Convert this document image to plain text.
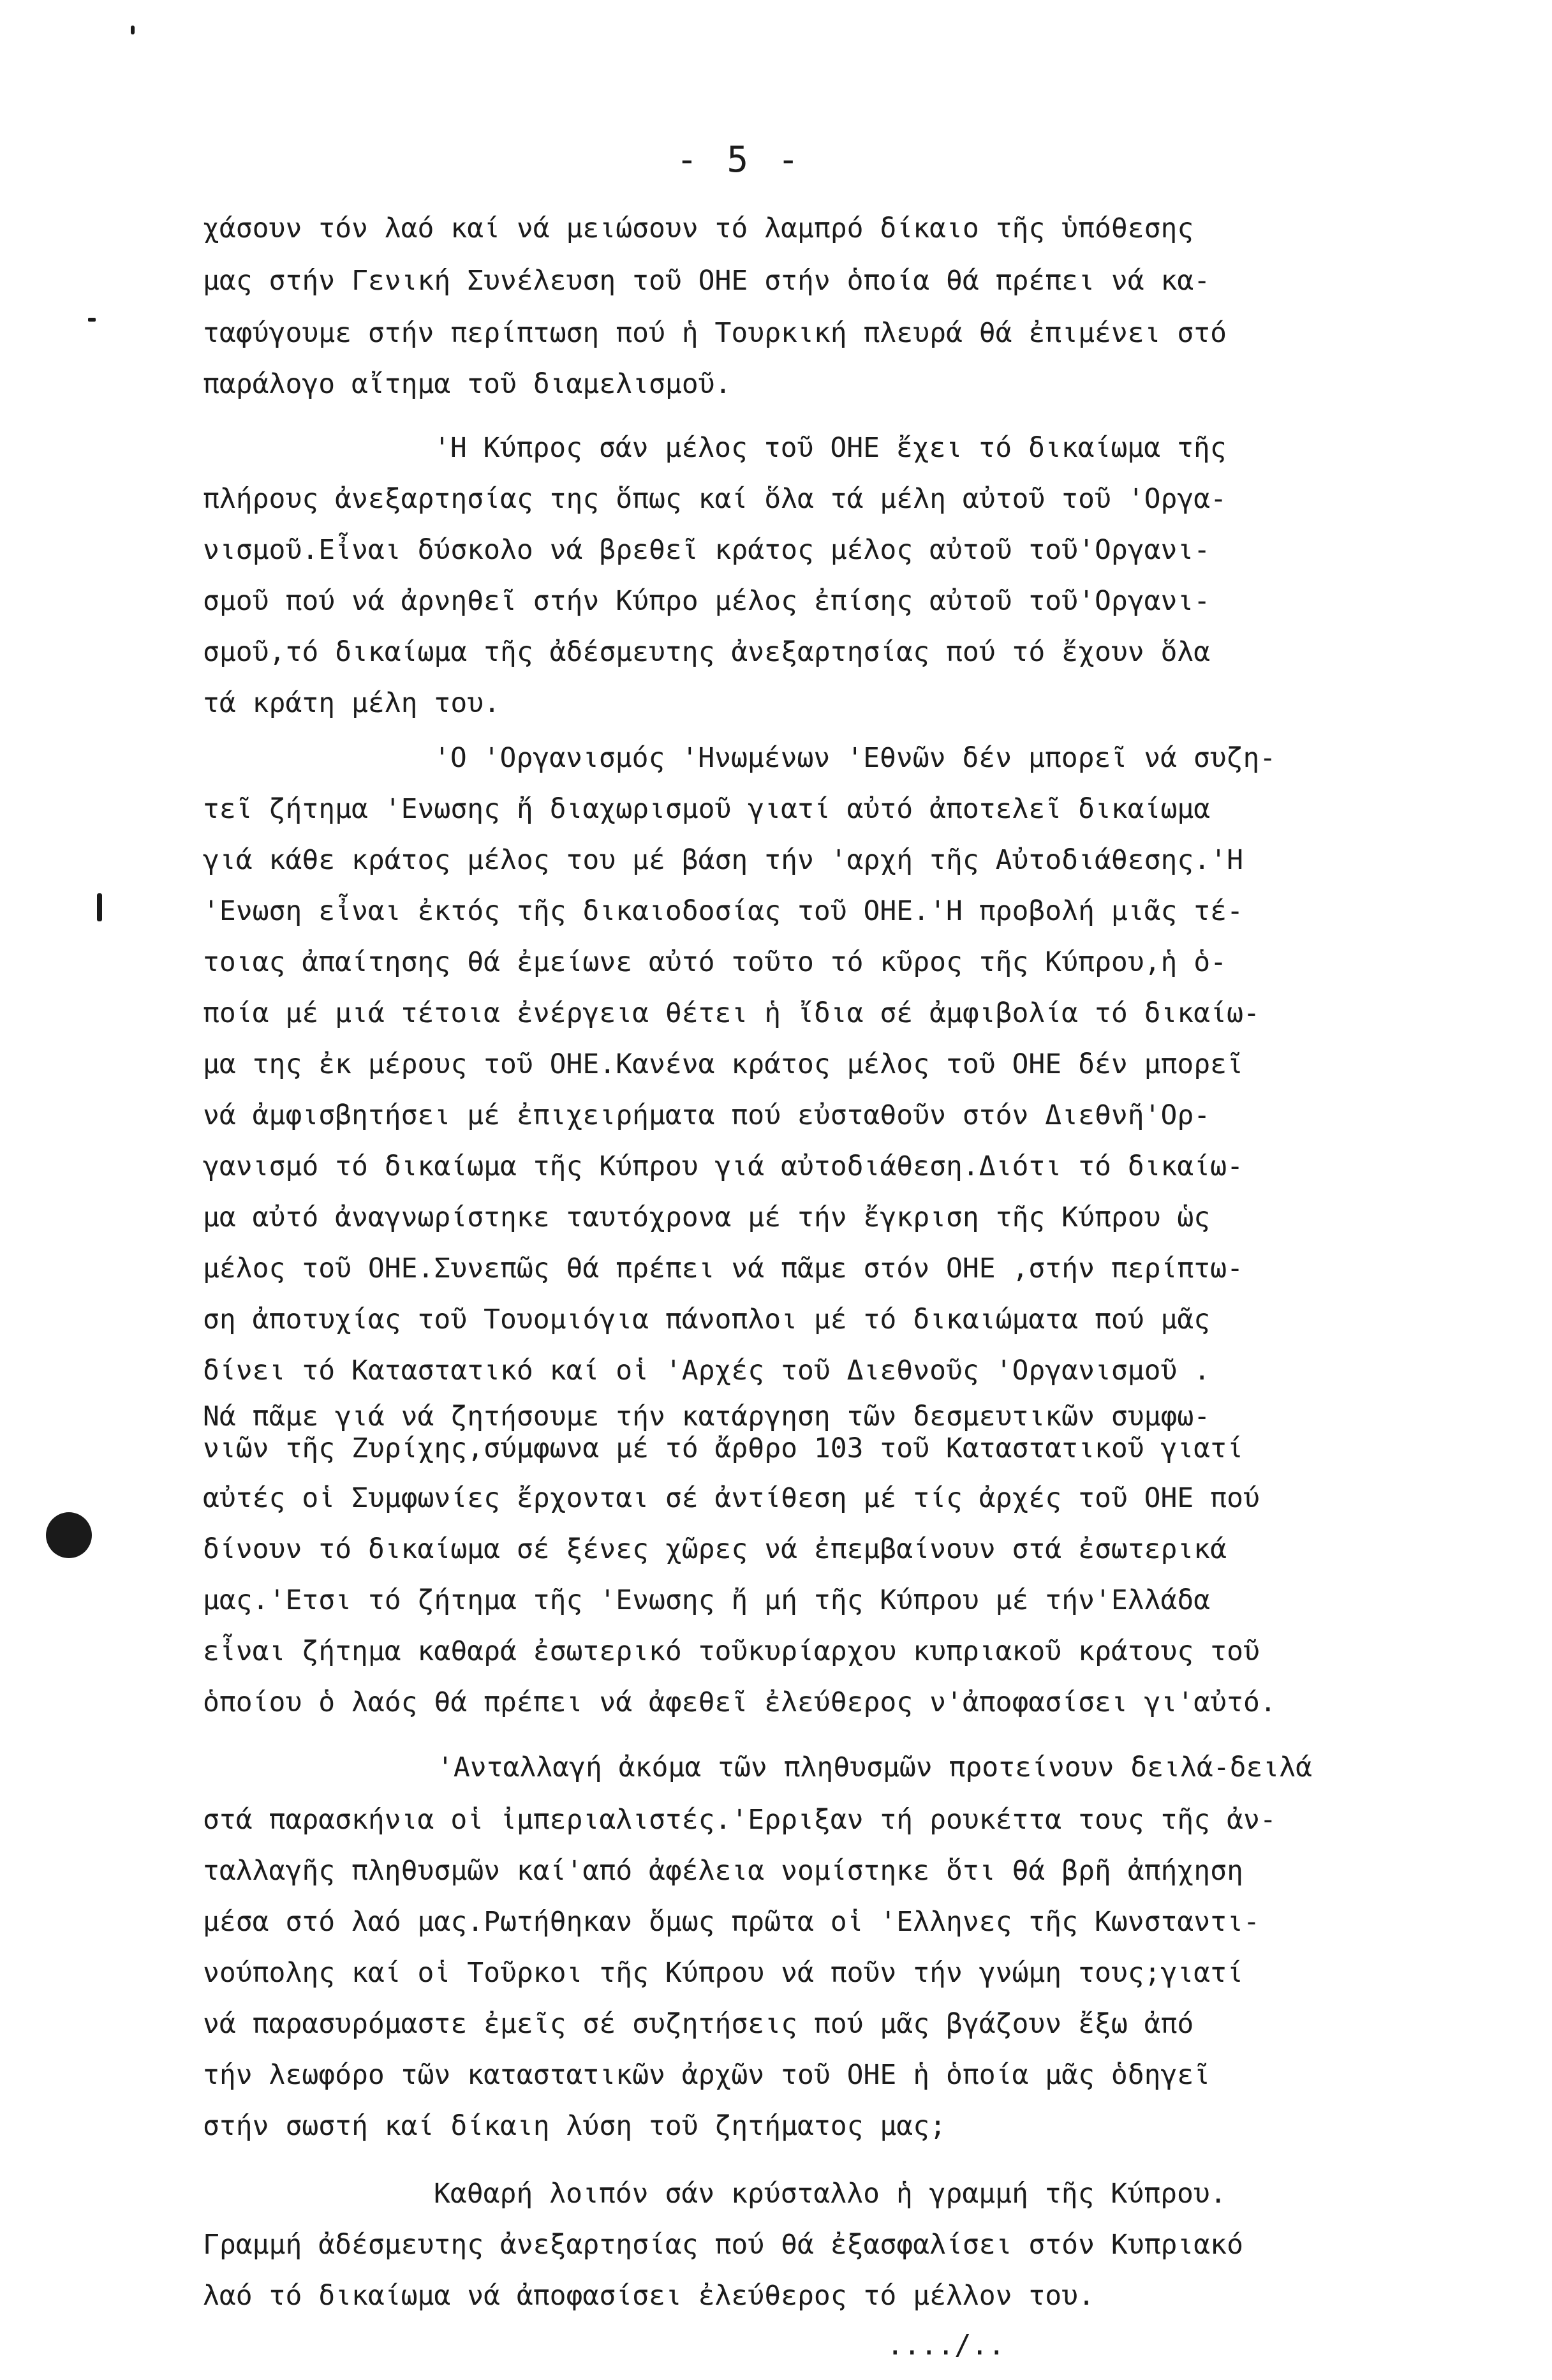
- 5 -
χάσουν τόν λαό καί νά μειώσουν τό λαμπρό δίκαιο τῆς ὑπόθεσης
μας στήν Γενική Συνέλευση τοῦ ΟΗΕ στήν ὁποία θά πρέπει νά κα-
ταφύγουμε στήν περίπτωση πού ἡ Τουρκική πλευρά θά ἐπιμένει στό
παράλογο αἴτημα τοῦ διαμελισμοῦ.
'Η Κύπρος σάν μέλος τοῦ ΟΗΕ ἔχει τό δικαίωμα τῆς
πλήρους ἀνεξαρτησίας της ὅπως καί ὅλα τά μέλη αὐτοῦ τοῦ 'Οργα-
νισμοῦ.Εἶναι δύσκολο νά βρεθεῖ κράτος μέλος αὐτοῦ τοῦ'Οργανι-
σμοῦ πού νά ἀρνηθεῖ στήν Κύπρο μέλος ἐπίσης αὐτοῦ τοῦ'Οργανι-
σμοῦ,τό δικαίωμα τῆς ἀδέσμευτης ἀνεξαρτησίας πού τό ἔχουν ὅλα
τά κράτη μέλη του.
'Ο 'Οργανισμός 'Ηνωμένων 'Εθνῶν δέν μπορεῖ νά συζη-
τεῖ ζήτημα 'Ενωσης ἤ διαχωρισμοῦ γιατί αὐτό ἀποτελεῖ δικαίωμα
γιά κάθε κράτος μέλος του μέ βάση τήν 'αρχή τῆς Αὐτοδιάθεσης.'Η
'Ενωση εἶναι ἐκτός τῆς δικαιοδοσίας τοῦ ΟΗΕ.'Η προβολή μιᾶς τέ-
τοιας ἀπαίτησης θά ἐμείωνε αὐτό τοῦτο τό κῦρος τῆς Κύπρου,ἡ ὁ-
ποία μέ μιά τέτοια ἐνέργεια θέτει ἡ ἴδια σέ ἀμφιβολία τό δικαίω-
μα της ἐκ μέρους τοῦ ΟΗΕ.Κανένα κράτος μέλος τοῦ ΟΗΕ δέν μπορεῖ
νά ἀμφισβητήσει μέ ἐπιχειρήματα πού εὐσταθοῦν στόν Διεθνῆ'Ορ-
γανισμό τό δικαίωμα τῆς Κύπρου γιά αὐτοδιάθεση.Διότι τό δικαίω-
μα αὐτό ἀναγνωρίστηκε ταυτόχρονα μέ τήν ἔγκριση τῆς Κύπρου ὡς
μέλος τοῦ ΟΗΕ.Συνεπῶς θά πρέπει νά πᾶμε στόν ΟΗΕ ,στήν περίπτω-
ση ἀποτυχίας τοῦ Τουομιόγια πάνοπλοι μέ τό δικαιώματα πού μᾶς
δίνει τό Καταστατικό καί οἱ 'Αρχές τοῦ Διεθνοῦς 'Οργανισμοῦ .
Νά πᾶμε γιά νά ζητήσουμε τήν κατάργηση τῶν δεσμευτικῶν συμφω-
νιῶν τῆς Ζυρίχης,σύμφωνα μέ τό ἄρθρο 103 τοῦ Καταστατικοῦ γιατί
αὐτές οἱ Συμφωνίες ἔρχονται σέ ἀντίθεση μέ τίς ἀρχές τοῦ ΟΗΕ πού
δίνουν τό δικαίωμα σέ ξένες χῶρες νά ἐπεμβαίνουν στά ἐσωτερικά
μας.'Ετσι τό ζήτημα τῆς 'Ενωσης ἤ μή τῆς Κύπρου μέ τήν'Ελλάδα
εἶναι ζήτημα καθαρά ἐσωτερικό τοῦκυρίαρχου κυπριακοῦ κράτους τοῦ
ὁποίου ὁ λαός θά πρέπει νά ἀφεθεῖ ἐλεύθερος ν'ἀποφασίσει γι'αὐτό.
'Ανταλλαγή ἀκόμα τῶν πληθυσμῶν προτείνουν δειλά-δειλά
στά παρασκήνια οἱ ἰμπεριαλιστές.'Ερριξαν τή ρουκέττα τους τῆς ἀν-
ταλλαγῆς πληθυσμῶν καί'από ἀφέλεια νομίστηκε ὅτι θά βρῆ ἀπήχηση
μέσα στό λαό μας.Ρωτήθηκαν ὅμως πρῶτα οἱ 'Ελληνες τῆς Κωνσταντι-
νούπολης καί οἱ Τοῦρκοι τῆς Κύπρου νά ποῦν τήν γνώμη τους;γιατί
νά παρασυρόμαστε ἐμεῖς σέ συζητήσεις πού μᾶς βγάζουν ἔξω ἀπό
τήν λεωφόρο τῶν καταστατικῶν ἀρχῶν τοῦ ΟΗΕ ἡ ὁποία μᾶς ὁδηγεῖ
στήν σωστή καί δίκαιη λύση τοῦ ζητήματος μας;
Καθαρή λοιπόν σάν κρύσταλλο ἡ γραμμή τῆς Κύπρου.
Γραμμή ἀδέσμευτης ἀνεξαρτησίας πού θά ἐξασφαλίσει στόν Κυπριακό
λαό τό δικαίωμα νά ἀποφασίσει ἐλεύθερος τό μέλλον του.
..../..
